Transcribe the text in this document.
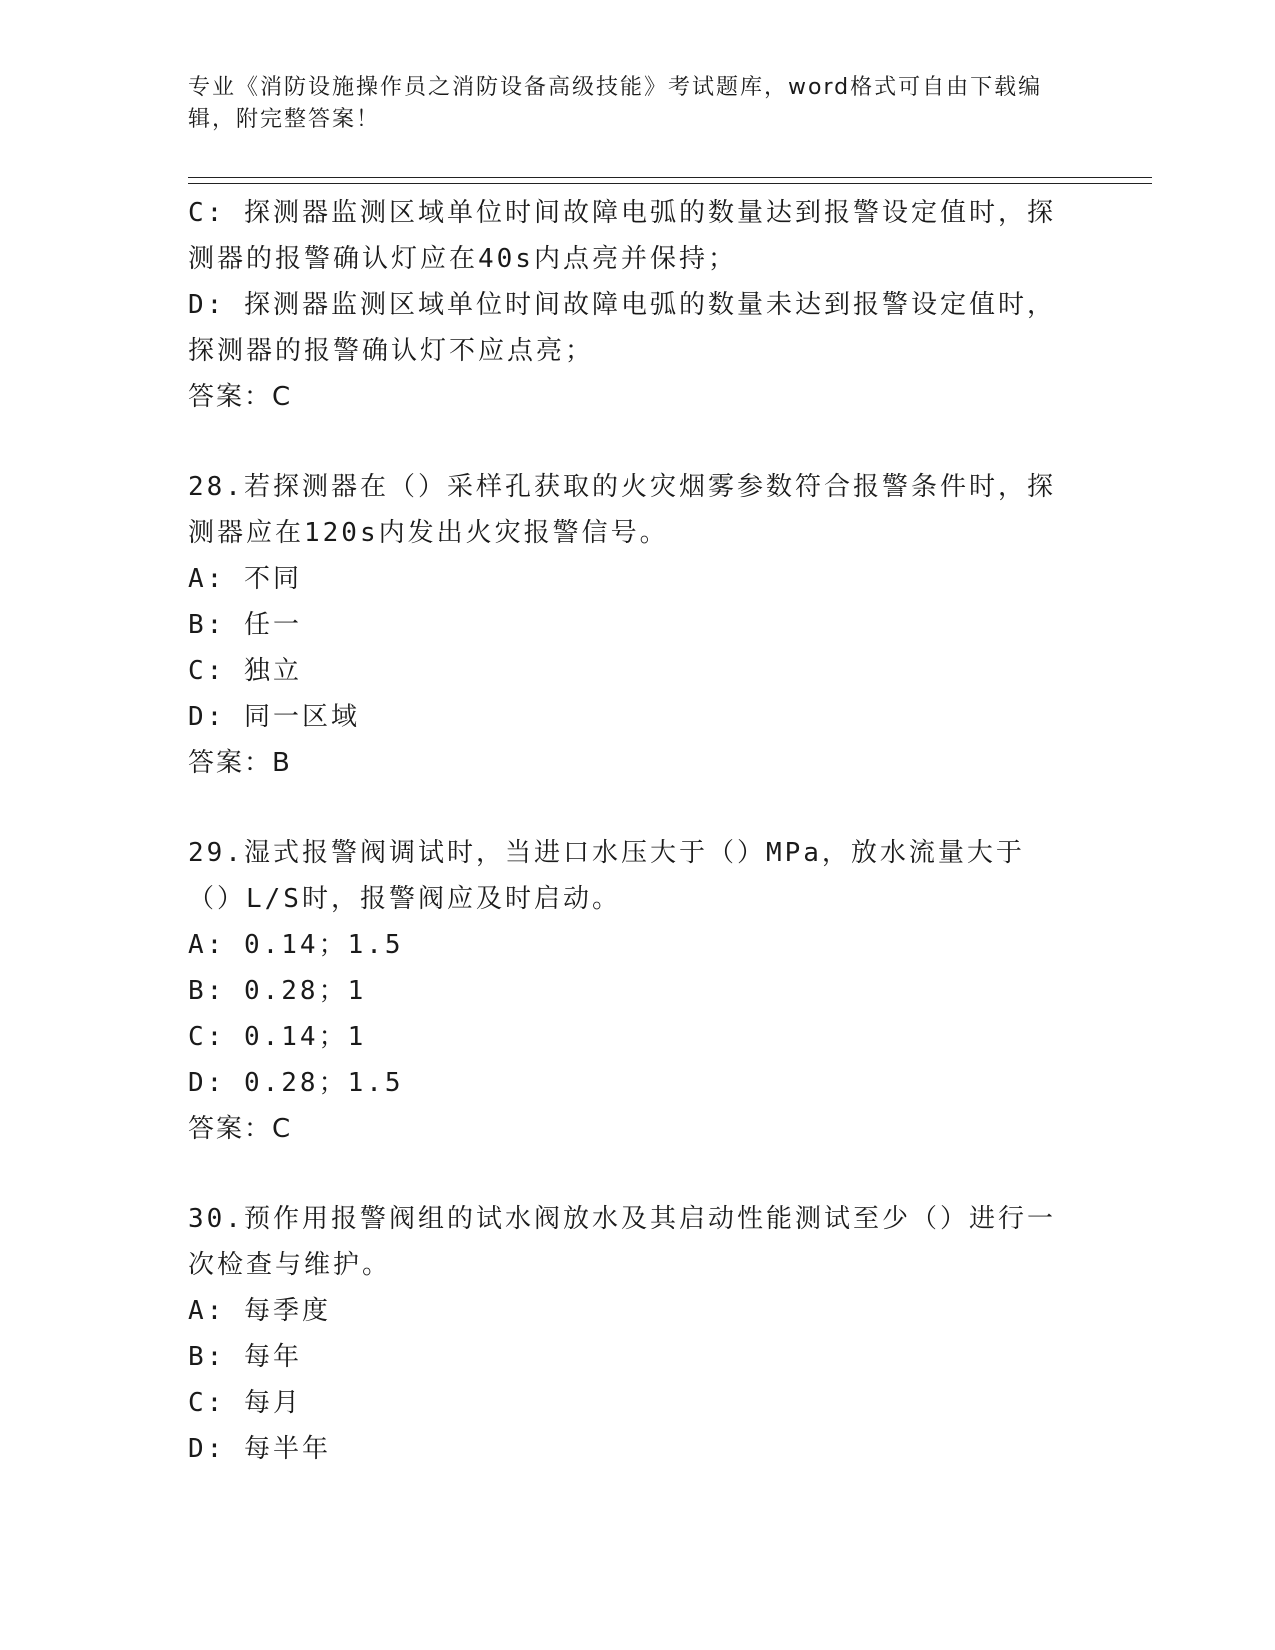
专业《消防设施操作员之消防设备高级技能》考试题库，word格式可自由下载编辑，附完整答案！
C: 探测器监测区域单位时间故障电弧的数量达到报警设定值时，探测器的报警确认灯应在40s内点亮并保持；
D: 探测器监测区域单位时间故障电弧的数量未达到报警设定值时，探测器的报警确认灯不应点亮；
答案：C
28.若探测器在（）采样孔获取的火灾烟雾参数符合报警条件时，探测器应在120s内发出火灾报警信号。
A: 不同
B: 任一
C: 独立
D: 同一区域
答案：B
29.湿式报警阀调试时，当进口水压大于（）MPa，放水流量大于（）L/S时，报警阀应及时启动。
A: 0.14；1.5
B: 0.28；1
C: 0.14；1
D: 0.28；1.5
答案：C
30.预作用报警阀组的试水阀放水及其启动性能测试至少（）进行一次检查与维护。
A: 每季度
B: 每年
C: 每月
D: 每半年
